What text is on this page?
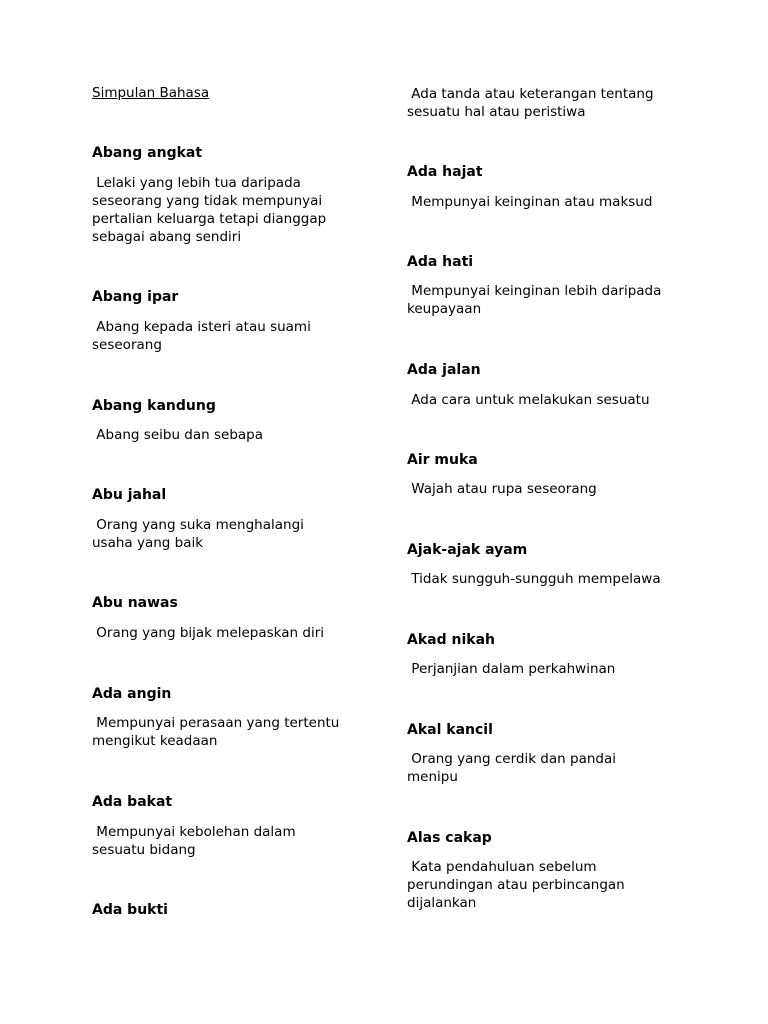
Simpulan Bahasa
Abang angkat
Lelaki yang lebih tua daripada seseorang yang tidak mempunyai pertalian keluarga tetapi dianggap sebagai abang sendiri
Abang ipar
Abang kepada isteri atau suami seseorang
Abang kandung
Abang seibu dan sebapa
Abu jahal
Orang yang suka menghalangi usaha yang baik
Abu nawas
Orang yang bijak melepaskan diri
Ada angin
Mempunyai perasaan yang tertentu mengikut keadaan
Ada bakat
Mempunyai kebolehan dalam sesuatu bidang
Ada bukti
Ada tanda atau keterangan tentang sesuatu hal atau peristiwa
Ada hajat
Mempunyai keinginan atau maksud
Ada hati
Mempunyai keinginan lebih daripada keupayaan
Ada jalan
Ada cara untuk melakukan sesuatu
Air muka
Wajah atau rupa seseorang
Ajak-ajak ayam
Tidak sungguh-sungguh mempelawa
Akad nikah
Perjanjian dalam perkahwinan
Akal kancil
Orang yang cerdik dan pandai menipu
Alas cakap
Kata pendahuluan sebelum perundingan atau perbincangan dijalankan
